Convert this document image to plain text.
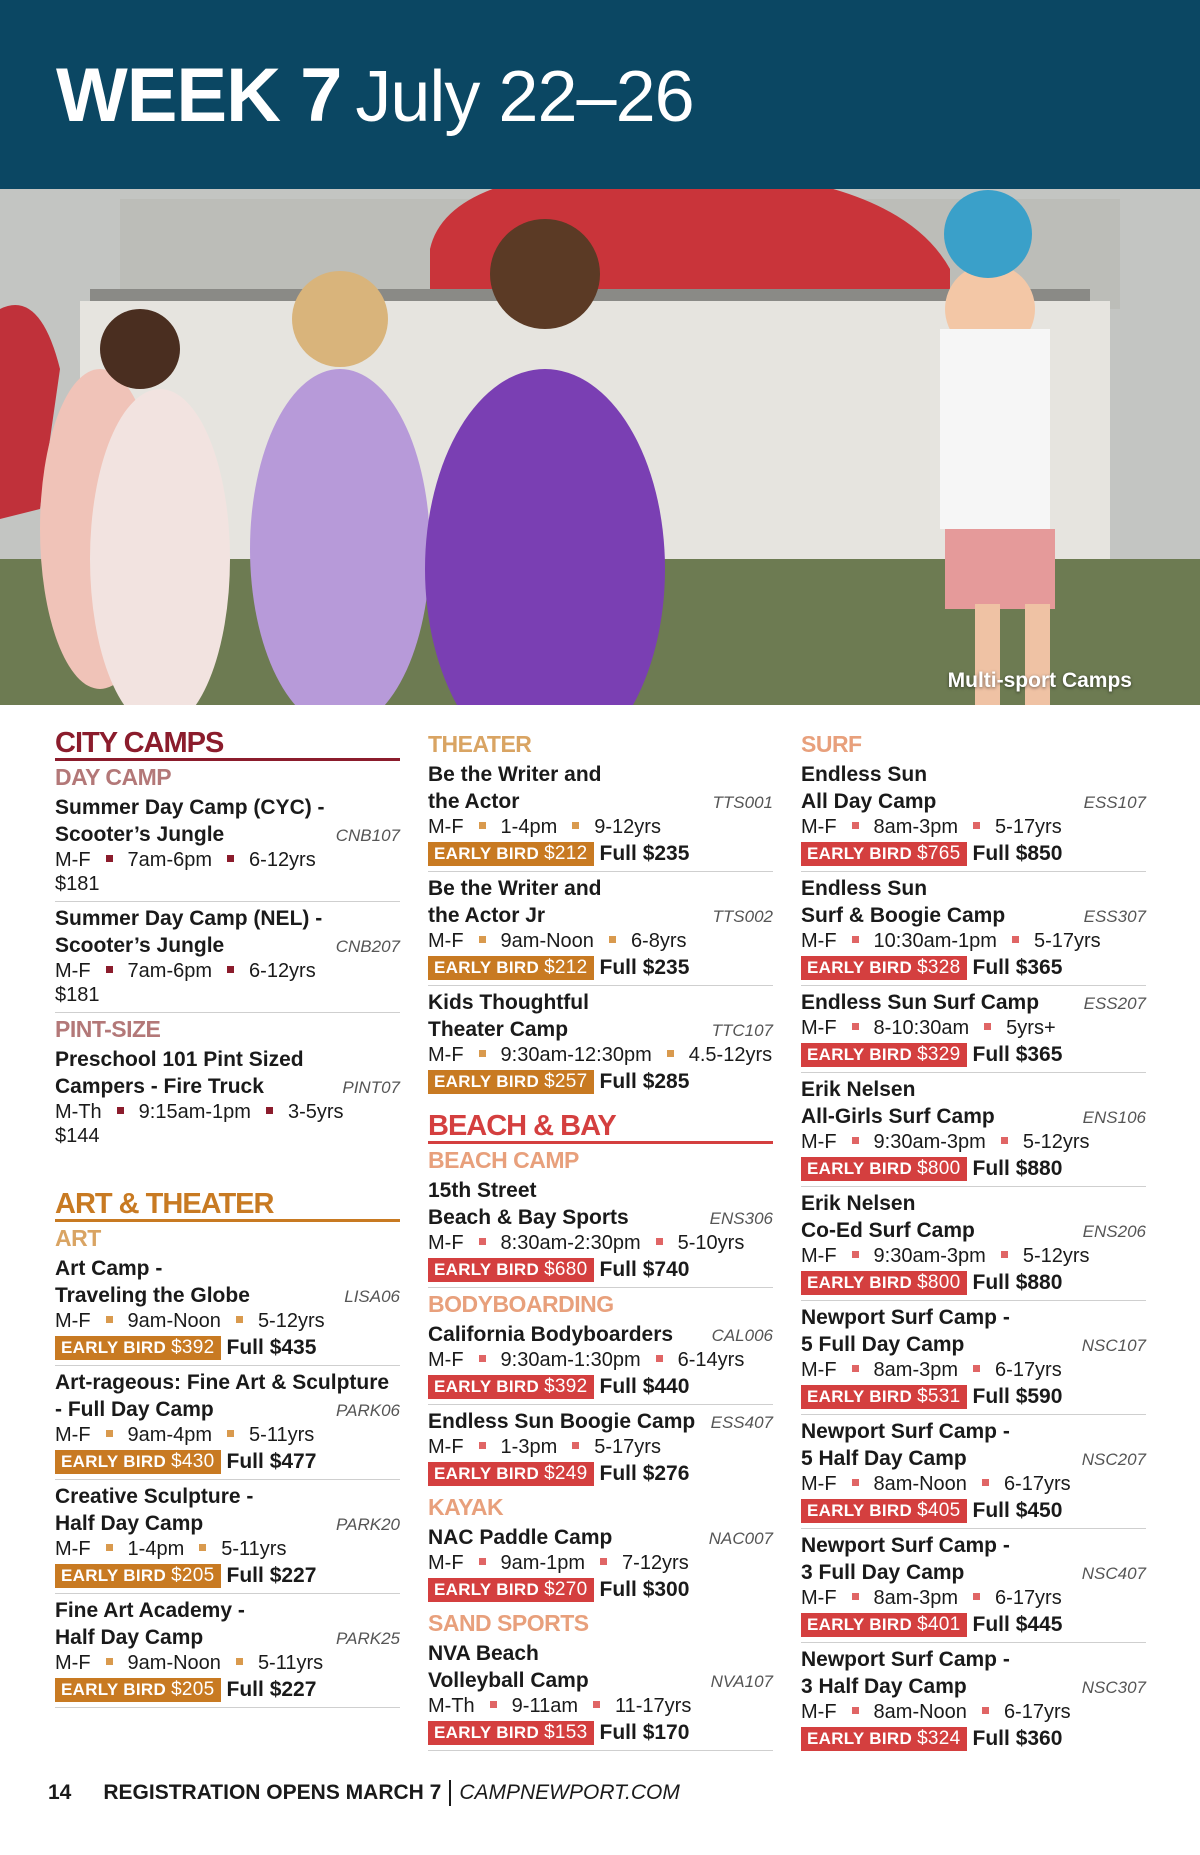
WEEK 7 July 22–26
Multi-sport Camps
CITY CAMPS
DAY CAMP
Summer Day Camp (CYC) -
Scooter’s Jungle	CNB107
M-F 7am-6pm 6-12yrs
$181
Summer Day Camp (NEL) -
Scooter’s Jungle	CNB207
M-F 7am-6pm 6-12yrs
$181
PINT-SIZE
Preschool 101 Pint Sized
Campers - Fire Truck	PINT07
M-Th 9:15am-1pm 3-5yrs
$144
ART & THEATER
ART
Art Camp -
Traveling the Globe	LISA06
M-F 9am-Noon 5-12yrs
EARLY BIRD $392 Full $435
Art-rageous: Fine Art & Sculpture
- Full Day Camp	PARK06
M-F 9am-4pm 5-11yrs
EARLY BIRD $430 Full $477
Creative Sculpture -
Half Day Camp	PARK20
M-F 1-4pm 5-11yrs
EARLY BIRD $205 Full $227
Fine Art Academy -
Half Day Camp	PARK25
M-F 9am-Noon 5-11yrs
EARLY BIRD $205 Full $227
THEATER
Be the Writer and
the Actor	TTS001
M-F 1-4pm 9-12yrs
EARLY BIRD $212 Full $235
Be the Writer and
the Actor Jr	TTS002
M-F 9am-Noon 6-8yrs
EARLY BIRD $212 Full $235
Kids Thoughtful
Theater Camp	TTC107
M-F 9:30am-12:30pm 4.5-12yrs
EARLY BIRD $257 Full $285
BEACH & BAY
BEACH CAMP
15th Street
Beach & Bay Sports	ENS306
M-F 8:30am-2:30pm 5-10yrs
EARLY BIRD $680 Full $740
BODYBOARDING
California Bodyboarders CAL006
M-F 9:30am-1:30pm 6-14yrs
EARLY BIRD $392 Full $440
Endless Sun Boogie Camp ESS407
M-F 1-3pm 5-17yrs
EARLY BIRD $249 Full $276
KAYAK
NAC Paddle Camp	NAC007
M-F 9am-1pm 7-12yrs
EARLY BIRD $270 Full $300
SAND SPORTS
NVA Beach
Volleyball Camp	NVA107
M-Th 9-11am 11-17yrs
EARLY BIRD $153 Full $170
SURF
Endless Sun
All Day Camp	ESS107
M-F 8am-3pm 5-17yrs
EARLY BIRD $765 Full $850
Endless Sun
Surf & Boogie Camp	ESS307
M-F 10:30am-1pm 5-17yrs
EARLY BIRD $328 Full $365
Endless Sun Surf Camp	ESS207
M-F 8-10:30am 5yrs+
EARLY BIRD $329 Full $365
Erik Nelsen
All-Girls Surf Camp	ENS106
M-F 9:30am-3pm 5-12yrs
EARLY BIRD $800 Full $880
Erik Nelsen
Co-Ed Surf Camp	ENS206
M-F 9:30am-3pm 5-12yrs
EARLY BIRD $800 Full $880
Newport Surf Camp -
5 Full Day Camp	NSC107
M-F 8am-3pm 6-17yrs
EARLY BIRD $531 Full $590
Newport Surf Camp -
5 Half Day Camp	NSC207
M-F 8am-Noon 6-17yrs
EARLY BIRD $405 Full $450
Newport Surf Camp -
3 Full Day Camp	NSC407
M-F 8am-3pm 6-17yrs
EARLY BIRD $401 Full $445
Newport Surf Camp -
3 Half Day Camp	NSC307
M-F 8am-Noon 6-17yrs
EARLY BIRD $324 Full $360
14 REGISTRATION OPENS MARCH 7 CAMPNEWPORT.COM
